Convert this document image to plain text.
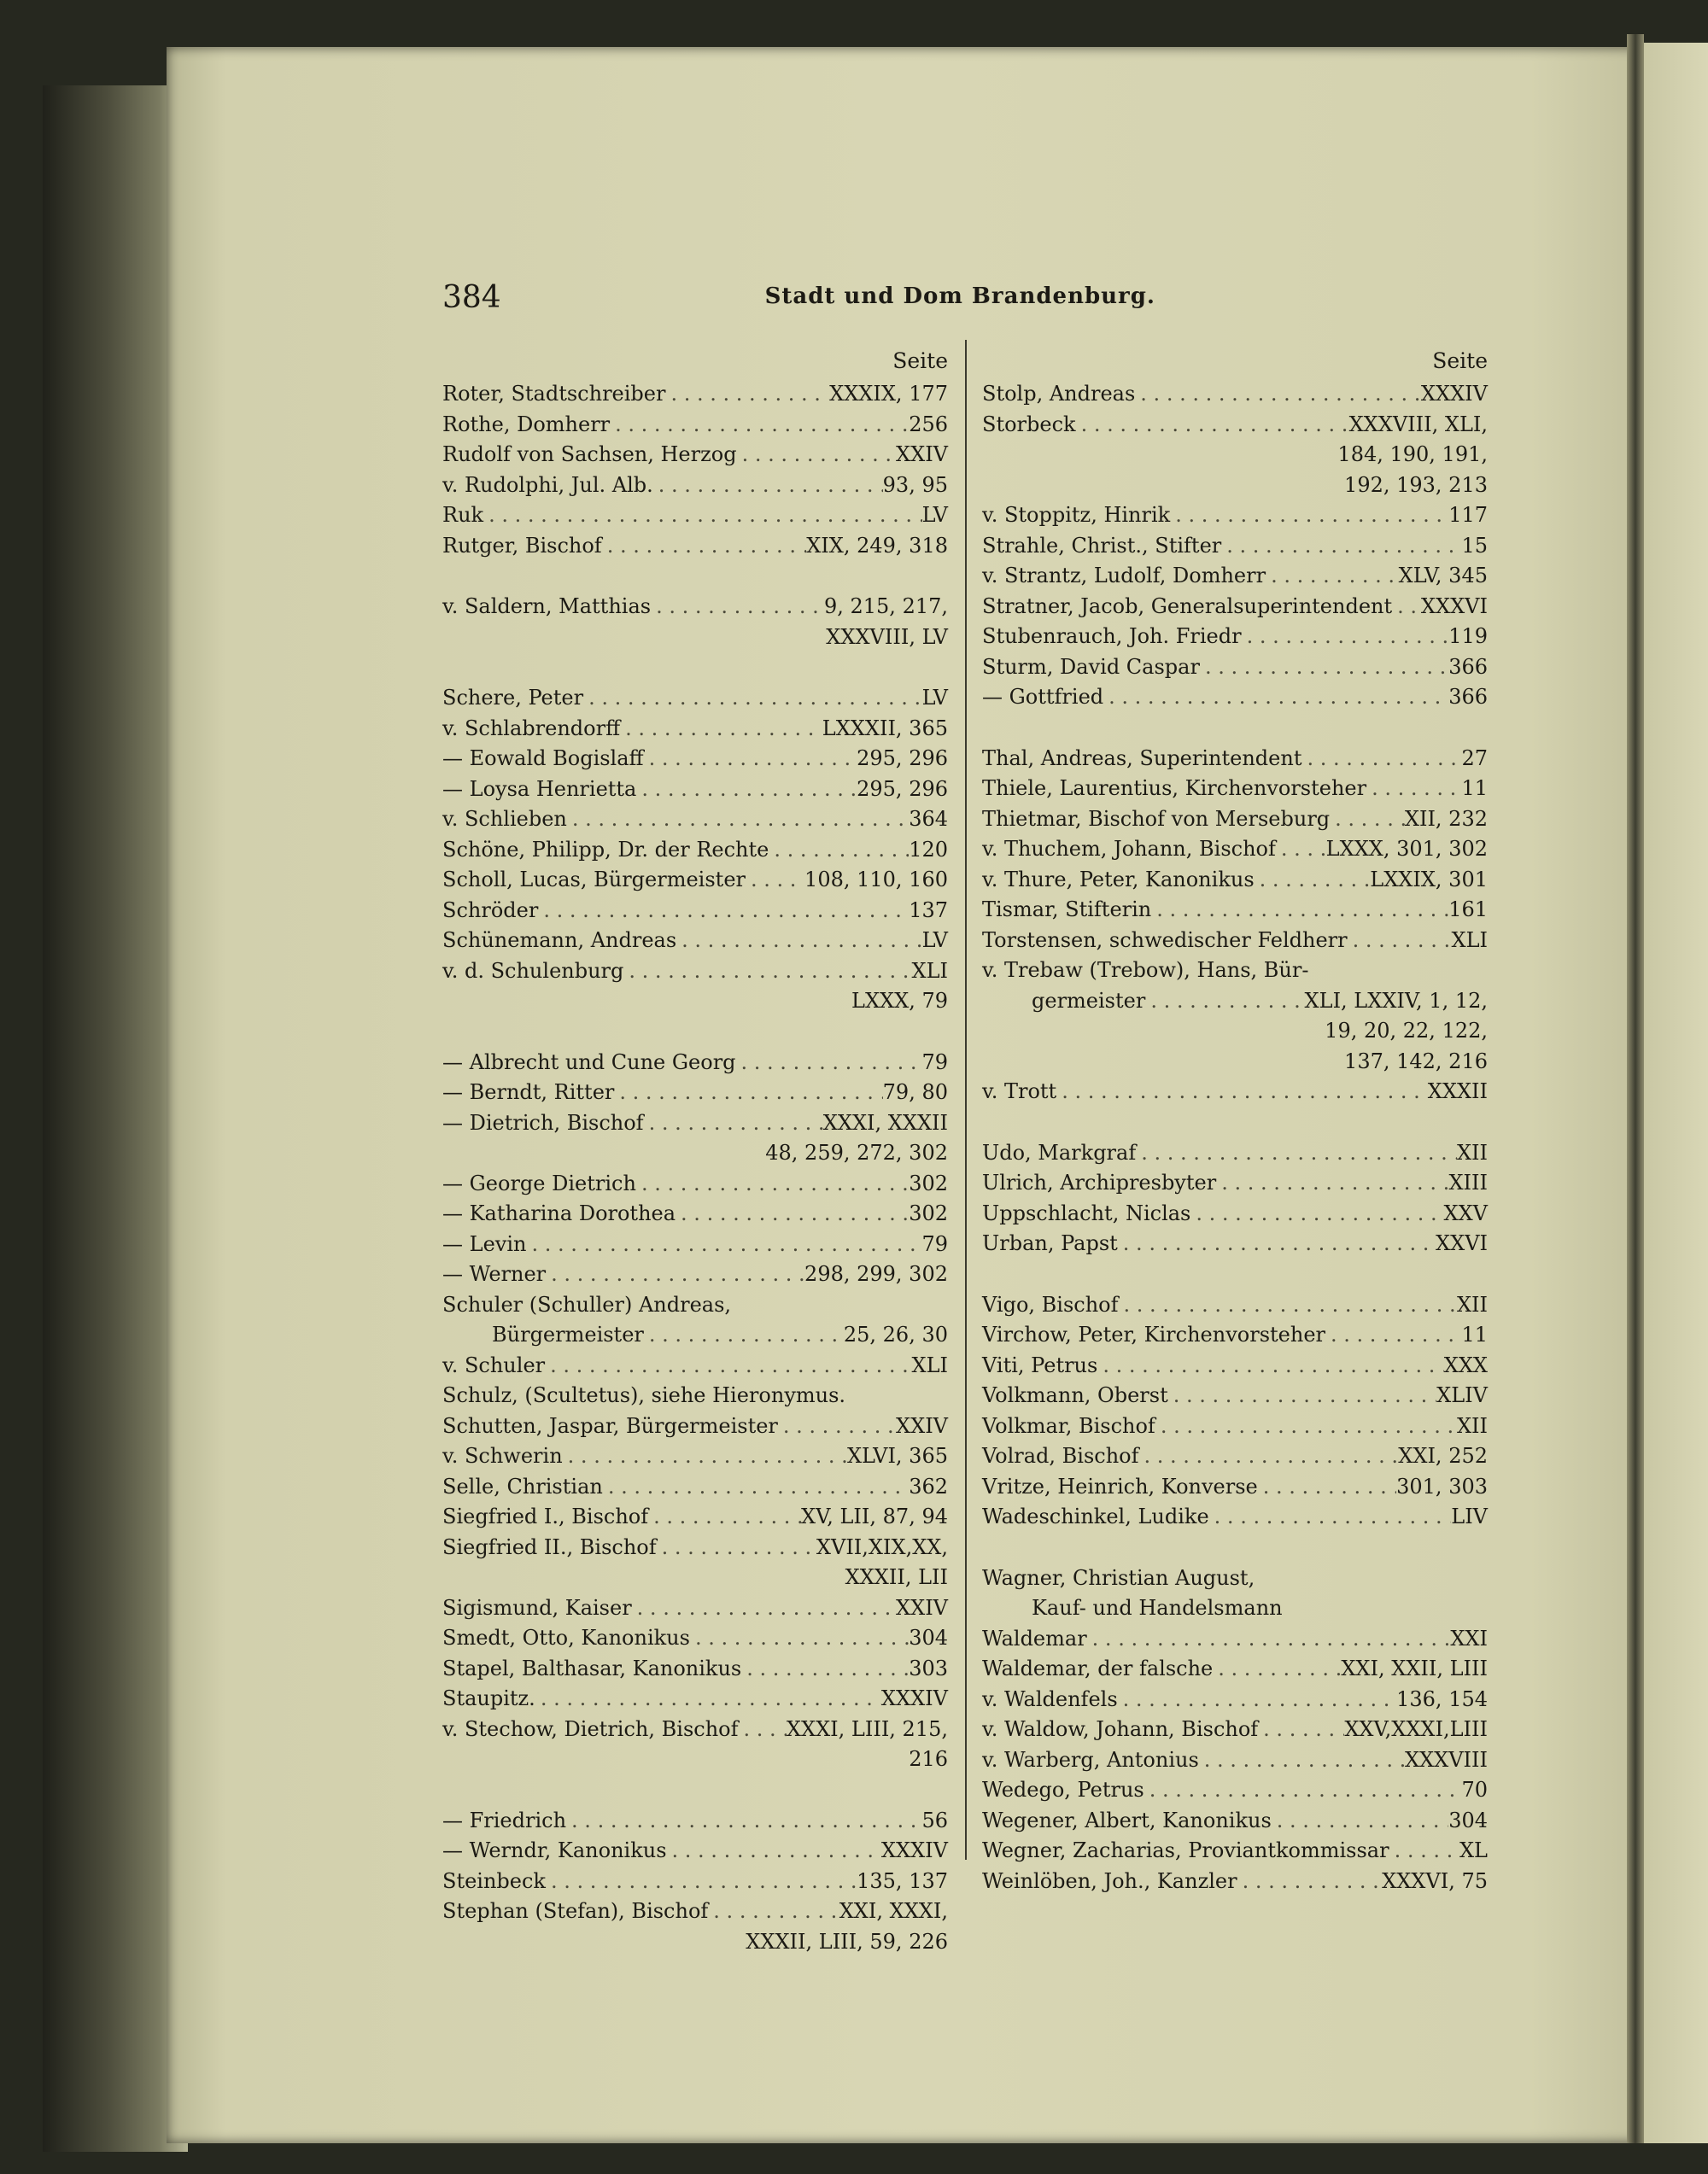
384	Stadt und Dom Brandenburg.
Seite
Roter, Stadtschreiber . . .	XXXIX, 177
Rothe, Domherr . . .	256
Rudolf von Sachsen, Herzog . . .	XXIV
v. Rudolphi, Jul. Alb. . . .	93, 95
Ruk . . .	LV
Rutger, Bischof . . .	XIX, 249, 318
v. Saldern, Matthias . . .	9, 215, 217,
XXXVIII, LV
Schere, Peter . . .	LV
v. Schlabrendorff . . .	LXXXII, 365
— Eowald Bogislaff . . .	295, 296
— Loysa Henrietta . . .	295, 296
v. Schlieben . . .	364
Schöne, Philipp, Dr. der Rechte . . .	120
Scholl, Lucas, Bürgermeister . . .	108, 110, 160
Schröder . . .	137
Schünemann, Andreas . . .	LV
v. d. Schulenburg . . .	XLI
LXXX, 79
— Albrecht und Cune Georg . . .	79
— Berndt, Ritter . . .	79, 80
— Dietrich, Bischof . . .	XXXI, XXXII
48, 259, 272, 302
— George Dietrich . . .	302
— Katharina Dorothea . . .	302
— Levin . . .	79
— Werner . . .	298, 299, 302
Schuler (Schuller) Andreas,
Bürgermeister . . .	25, 26, 30
v. Schuler . . .	XLI
Schulz, (Scultetus), siehe Hieronymus.
Schutten, Jaspar, Bürgermeister . . .	XXIV
v. Schwerin . . .	XLVI, 365
Selle, Christian . . .	362
Siegfried I., Bischof . . .	XV, LII, 87, 94
Siegfried II., Bischof . . .	XVII,XIX,XX,
XXXII, LII
Sigismund, Kaiser . . .	XXIV
Smedt, Otto, Kanonikus . . .	304
Stapel, Balthasar, Kanonikus . . .	303
Staupitz. . . .	XXXIV
v. Stechow, Dietrich, Bischof . . . XXXI, LIII, 215,
216
— Friedrich . . .	56
— Werndr, Kanonikus . . .	XXXIV
Steinbeck . . .	135, 137
Stephan (Stefan), Bischof . . .	XXI, XXXI,
XXXII, LIII, 59, 226
Seite
Stolp, Andreas . . .	XXXIV
Storbeck . . .	XXXVIII, XLI,
184, 190, 191,
192, 193, 213
v. Stoppitz, Hinrik . . .	117
Strahle, Christ., Stifter . . .	15
v. Strantz, Ludolf, Domherr . . .	XLV, 345
Stratner, Jacob, Generalsuperintendent . . . XXXVI
Stubenrauch, Joh. Friedr . . .	119
Sturm, David Caspar . . .	366
— Gottfried . . .	366
Thal, Andreas, Superintendent . . .	27
Thiele, Laurentius, Kirchenvorsteher . . .	11
Thietmar, Bischof von Merseburg . . .	XII, 232
v. Thuchem, Johann, Bischof . . . LXXX, 301, 302
v. Thure, Peter, Kanonikus . . .	LXXIX, 301
Tismar, Stifterin . . .	161
Torstensen, schwedischer Feldherr . . .	XLI
v. Trebaw (Trebow), Hans, Bür-
germeister . . .	XLI, LXXIV, 1, 12,
19, 20, 22, 122,
137, 142, 216
v. Trott . . .	XXXII
Udo, Markgraf . . .	XII
Ulrich, Archipresbyter . . .	XIII
Uppschlacht, Niclas . . .	XXV
Urban, Papst . . .	XXVI
Vigo, Bischof . . .	XII
Virchow, Peter, Kirchenvorsteher . . .	11
Viti, Petrus . . .	XXX
Volkmann, Oberst . . .	XLIV
Volkmar, Bischof . . .	XII
Volrad, Bischof . . .	XXI, 252
Vritze, Heinrich, Konverse . . .	301, 303
Wadeschinkel, Ludike . . .	LIV
Wagner, Christian August,
Kauf- und Handelsmann
Waldemar . . .	XXI
Waldemar, der falsche . . .	XXI, XXII, LIII
v. Waldenfels . . .	136, 154
v. Waldow, Johann, Bischof . . .	XXV,XXXI,LIII
v. Warberg, Antonius . . .	XXXVIII
Wedego, Petrus . . .	70
Wegener, Albert, Kanonikus . . .	304
Wegner, Zacharias, Proviantkommissar . . .	XL
Weinlöben, Joh., Kanzler . . .	XXXVI, 75
